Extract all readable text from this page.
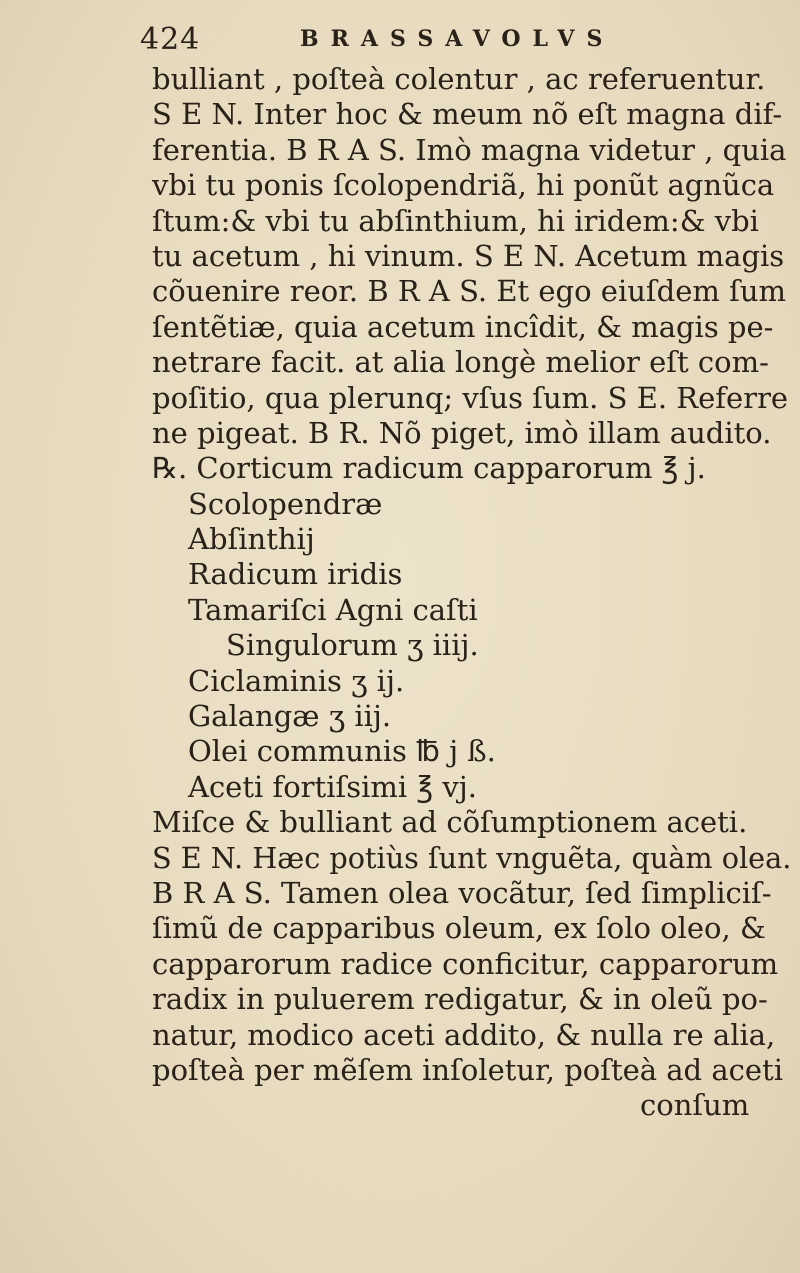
424	BRASSAVOLVS
bulliant , poſteà colentur , ac referuentur.
S E N. Inter hoc & meum nõ eſt magna dif-
ferentia. B R A S. Imò magna videtur , quia
vbi tu ponis ſcolopendriã, hi ponũt agnũca
ſtum:& vbi tu abſinthium, hi iridem:& vbi
tu acetum , hi vinum. S E N. Acetum magis
cõuenire reor. B R A S. Et ego eiuſdem ſum
ſentẽtiæ, quia acetum incîdit, & magis pe-
netrare facit. at alia longè melior eſt com-
poſitio, qua plerunq; vſus ſum. S E. Referre
ne pigeat. B R. Nõ piget, imò illam audito.
℞. Corticum radicum capparorum ℥ j.
Scolopendræ
Abſinthij
Radicum iridis
Tamariſci Agni caſti
Singulorum ʒ iiij.
Ciclaminis ʒ ij.
Galangæ ʒ iij.
Olei communis ℔ j ß.
Aceti fortiſsimi ℥ vj.
Miſce & bulliant ad cõſumptionem aceti.
S E N. Hæc potiùs ſunt vnguẽta, quàm olea.
B R A S. Tamen olea vocãtur, ſed ſimpliciſ-
ſimũ de capparibus oleum, ex ſolo oleo, &
capparorum radice conficitur, capparorum
radix in puluerem redigatur, & in oleũ po-
natur, modico aceti addito, & nulla re alia,
poſteà per mẽſem inſoletur, poſteà ad aceti
conſum
